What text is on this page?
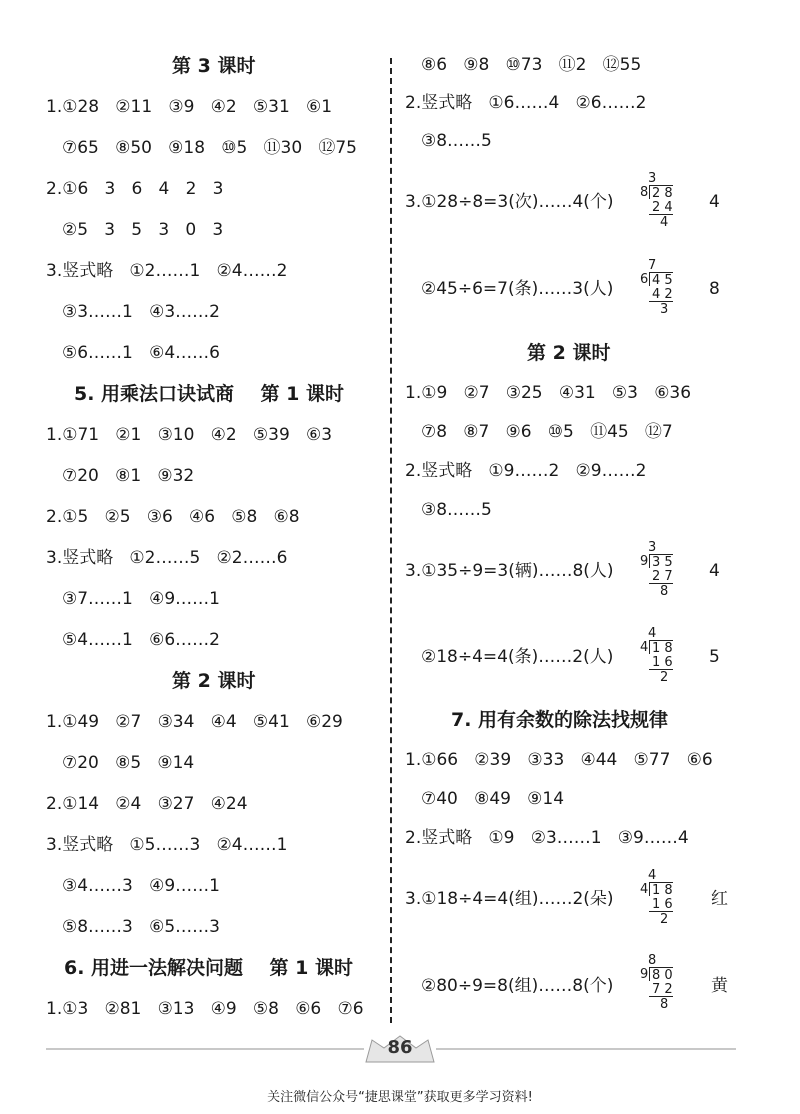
第 3 课时
1.①28   ②11   ③9   ④2   ⑤31   ⑥1
⑦65   ⑧50   ⑨18   ⑩5   ⑪30   ⑫75
2.①6   3   6   4   2   3
②5   3   5   3   0   3
3.竖式略   ①2……1   ②4……2
③3……1   ④3……2
⑤6……1   ⑥4……6
5. 用乘法口诀试商    第 1 课时
1.①71   ②1   ③10   ④2   ⑤39   ⑥3
⑦20   ⑧1   ⑨32
2.①5   ②5   ③6   ④6   ⑤8   ⑥8
3.竖式略   ①2……5   ②2……6
③7……1   ④9……1
⑤4……1   ⑥6……2
第 2 课时
1.①49   ②7   ③34   ④4   ⑤41   ⑥29
⑦20   ⑧5   ⑨14
2.①14   ②4   ③27   ④24
3.竖式略   ①5……3   ②4……1
③4……3   ④9……1
⑤8……3   ⑥5……3
6. 用进一法解决问题    第 1 课时
1.①3   ②81   ③13   ④9   ⑤8   ⑥6   ⑦6
⑧6   ⑨8   ⑩73   ⑪2   ⑫55
2.竖式略   ①6……4   ②6……2
③8……5
3.①28÷8=3(次)……4(个)

3

8

2 8

2 4

4

4
②45÷6=7(条)……3(人)

7

6

4 5

4 2

3

8
第 2 课时
1.①9   ②7   ③25   ④31   ⑤3   ⑥36
⑦8   ⑧7   ⑨6   ⑩5   ⑪45   ⑫7
2.竖式略   ①9……2   ②9……2
③8……5
3.①35÷9=3(辆)……8(人)

3

9

3 5

2 7

8

4
②18÷4=4(条)……2(人)

4

4

1 8

1 6

2

5
7. 用有余数的除法找规律
1.①66   ②39   ③33   ④44   ⑤77   ⑥6
⑦40   ⑧49   ⑨14
2.竖式略   ①9   ②3……1   ③9……4
3.①18÷4=4(组)……2(朵)

4

4

1 8

1 6

2

红
②80÷9=8(组)……8(个)

8

9

8 0

7 2

8

黄
86
关注微信公众号“捷思课堂”获取更多学习资料!
